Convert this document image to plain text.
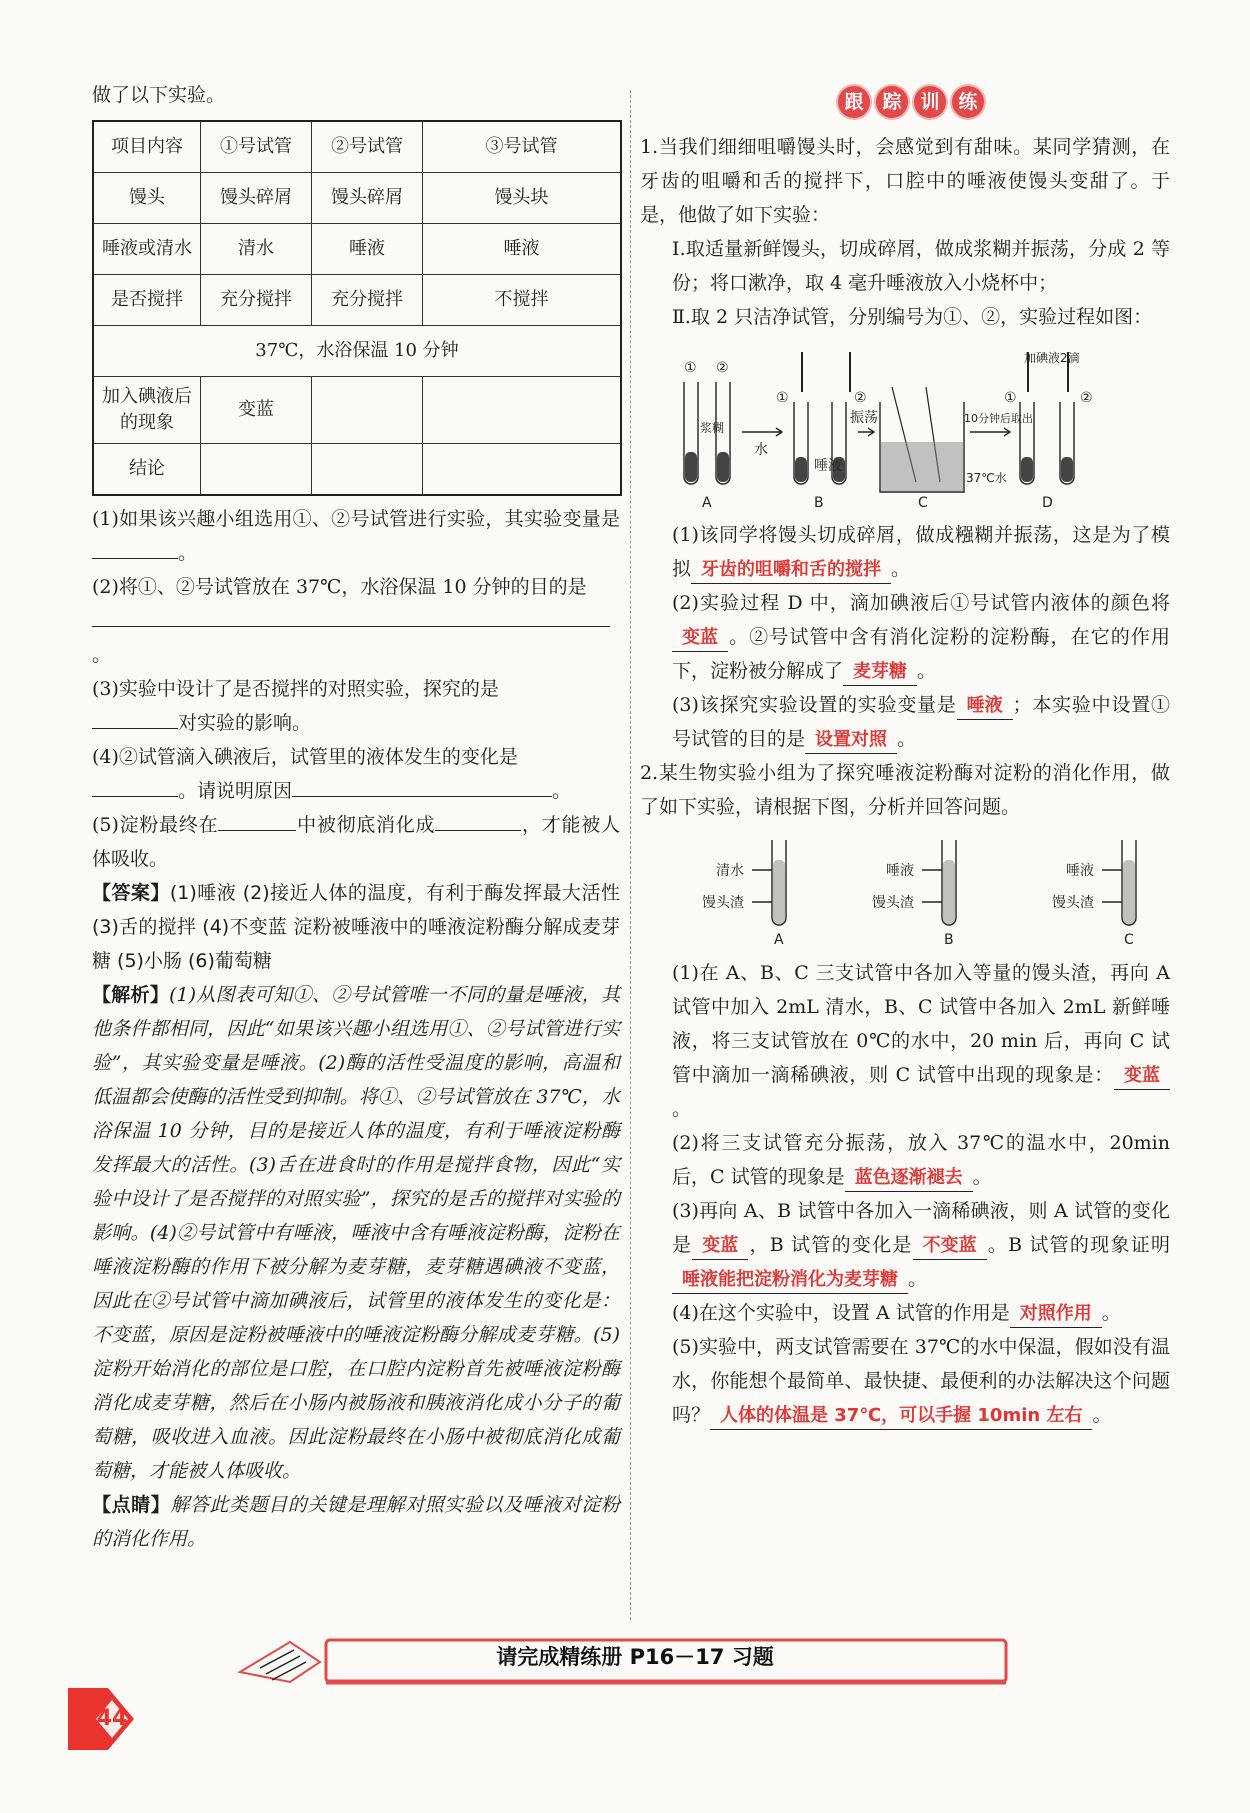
做了以下实验。

项目内容	①号试管	②号试管	③号试管
馒头	馒头碎屑	馒头碎屑	馒头块
唾液或清水	清水	唾液	唾液
是否搅拌	充分搅拌	充分搅拌	不搅拌
37℃，水浴保温 10 分钟			
加入碘液后的现象	变蓝		
结论			

(1)如果该兴趣小组选用①、②号试管进行实验，其实验变量是。

(2)将①、②号试管放在 37℃，水浴保温 10 分钟的目的是
。

(3)实验中设计了是否搅拌的对照实验，探究的是
对实验的影响。

(4)②试管滴入碘液后，试管里的液体发生的变化是
。请说明原因	。

(5)淀粉最终在	中被彻底消化成	，才能被人体吸收。

【答案】(1)唾液 (2)接近人体的温度，有利于酶发挥最大活性 (3)舌的搅拌 (4)不变蓝 淀粉被唾液中的唾液淀粉酶分解成麦芽糖 (5)小肠 (6)葡萄糖

【解析】(1)从图表可知①、②号试管唯一不同的量是唾液，其他条件都相同，因此“如果该兴趣小组选用①、②号试管进行实验”，其实验变量是唾液。(2)酶的活性受温度的影响，高温和低温都会使酶的活性受到抑制。将①、②号试管放在 37℃，水浴保温 10 分钟，目的是接近人体的温度，有利于唾液淀粉酶发挥最大的活性。(3)舌在进食时的作用是搅拌食物，因此“实验中设计了是否搅拌的对照实验”，探究的是舌的搅拌对实验的影响。(4)②号试管中有唾液，唾液中含有唾液淀粉酶，淀粉在唾液淀粉酶的作用下被分解为麦芽糖，麦芽糖遇碘液不变蓝，因此在②号试管中滴加碘液后，试管里的液体发生的变化是：不变蓝，原因是淀粉被唾液中的唾液淀粉酶分解成麦芽糖。(5)淀粉开始消化的部位是口腔，在口腔内淀粉首先被唾液淀粉酶消化成麦芽糖，然后在小肠内被肠液和胰液消化成小分子的葡萄糖，吸收进入血液。因此淀粉最终在小肠中被彻底消化成葡萄糖，才能被人体吸收。

【点睛】解答此类题目的关键是理解对照实验以及唾液对淀粉的消化作用。

跟 踪 训 练

1.当我们细细咀嚼馒头时，会感觉到有甜味。某同学猜测，在牙齿的咀嚼和舌的搅拌下，口腔中的唾液使馒头变甜了。于是，他做了如下实验：

Ⅰ.取适量新鲜馒头，切成碎屑，做成浆糊并振荡，分成 2 等份；将口漱净，取 4 毫升唾液放入小烧杯中；

Ⅱ.取 2 只洁净试管，分别编号为①、②，实验过程如图：

① ②
浆糊
水
A
①	②
唾液
B
振荡
C
37℃水
10分钟后取出
加碘液2滴
①	②
D

(1)该同学将馒头切成碎屑，做成糨糊并振荡，这是为了模拟 牙齿的咀嚼和舌的搅拌 。

(2)实验过程 D 中，滴加碘液后①号试管内液体的颜色将变蓝 。②号试管中含有消化淀粉的淀粉酶，在它的作用下，淀粉被分解成了 麦芽糖 。

(3)该探究实验设置的实验变量是 唾液 ；本实验中设置①号试管的目的是 设置对照 。

2.某生物实验小组为了探究唾液淀粉酶对淀粉的消化作用，做了如下实验，请根据下图，分析并回答问题。

清水
馒头渣
A
唾液
馒头渣
B
唾液
馒头渣
C

(1)在 A、B、C 三支试管中各加入等量的馒头渣，再向 A 试管中加入 2mL 清水，B、C 试管中各加入 2mL 新鲜唾液，将三支试管放在 0℃的水中，20 min 后，再向 C 试管中滴加一滴稀碘液，则 C 试管中出现的现象是： 变蓝。

(2)将三支试管充分振荡，放入 37℃的温水中，20min 后，C 试管的现象是 蓝色逐渐褪去 。

(3)再向 A、B 试管中各加入一滴稀碘液，则 A 试管的变化是 变蓝 ，B 试管的变化是 不变蓝 。B 试管的现象证明唾液能把淀粉消化为麦芽糖 。

(4)在这个实验中，设置 A 试管的作用是 对照作用 。

(5)实验中，两支试管需要在 37℃的水中保温，假如没有温水，你能想个最简单、最快捷、最便利的办法解决这个问题吗？ 人体的体温是 37℃，可以手握 10min 左右 。

请完成精练册 P16－17 习题
44
